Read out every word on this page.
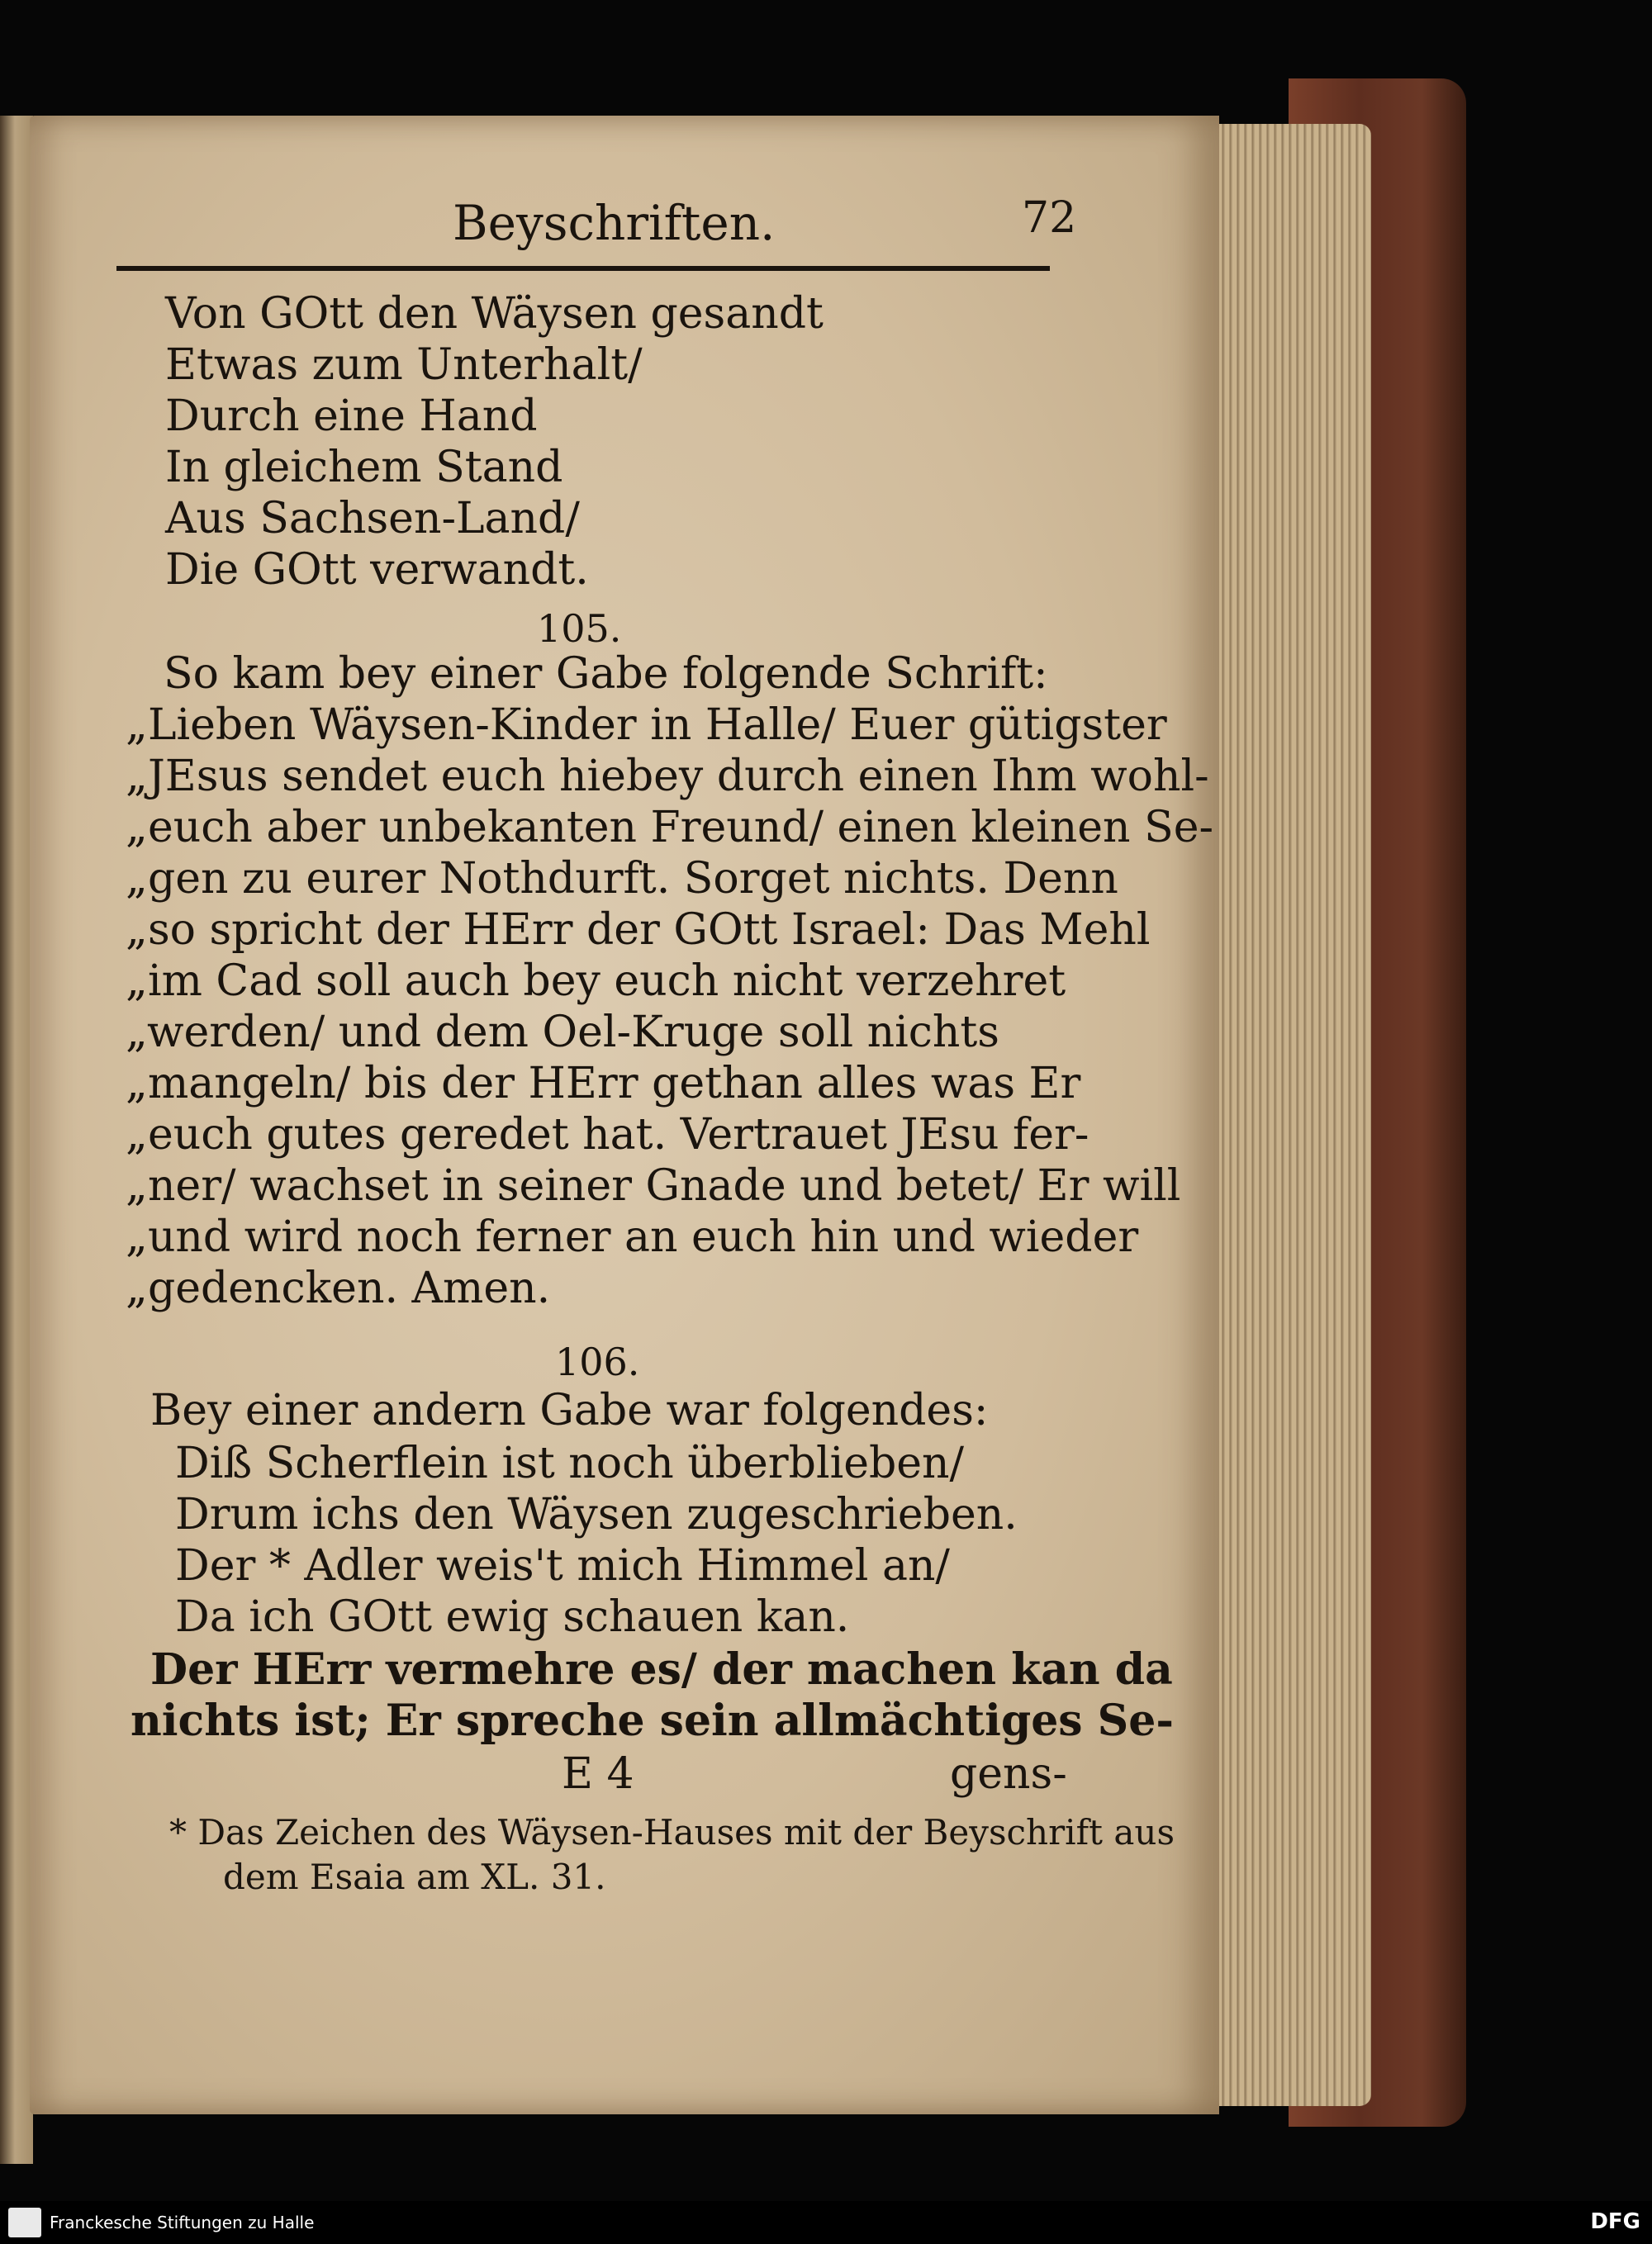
Beyschriften.	72
Von GOtt den Wäysen gesandt
Etwas zum Unterhalt/
Durch eine Hand
In gleichem Stand
Aus Sachsen-Land/
Die GOtt verwandt.
105.
So kam bey einer Gabe folgende Schrift:
„Lieben Wäysen-Kinder in Halle/ Euer gütigster
„JEsus sendet euch hiebey durch einen Ihm wohl-
„euch aber unbekanten Freund/ einen kleinen Se-
„gen zu eurer Nothdurft. Sorget nichts. Denn
„so spricht der HErr der GOtt Israel: Das Mehl
„im Cad soll auch bey euch nicht verzehret
„werden/ und dem Oel-Kruge soll nichts
„mangeln/ bis der HErr gethan alles was Er
„euch gutes geredet hat. Vertrauet JEsu fer-
„ner/ wachset in seiner Gnade und betet/ Er will
„und wird noch ferner an euch hin und wieder
„gedencken. Amen.
106.
Bey einer andern Gabe war folgendes:
Diß Scherflein ist noch überblieben/
Drum ichs den Wäysen zugeschrieben.
Der * Adler weis't mich Himmel an/
Da ich GOtt ewig schauen kan.
Der HErr vermehre es/ der machen kan da
nichts ist; Er spreche sein allmächtiges Se-
E 4	gens-
* Das Zeichen des Wäysen-Hauses mit der Beyschrift aus
dem Esaia am XL. 31.
Franckesche Stiftungen zu Halle	DFG
